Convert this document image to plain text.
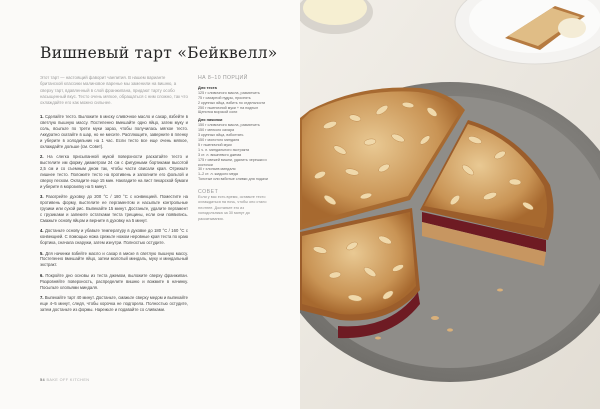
Вишневый тарт «Бейквелл»
Этот тарт — настоящий фаворит чаепития. В нашем варианте британской классики малиновое варенье мы заменили на вишню, а сверху тарт, вдавленный в слой франжипана, придают тарту особо насыщенный вкус. Тесто очень мягкое, обращаться с ним сложно, так что охлаждайте его как можно сильнее.
1. Сделайте тесто. Выложите в миску сливочное масло и сахар, взбейте в светлую пышную массу. Постепенно вмешайте одно яйцо, затем муку и соль, всыпьте по трети муки зараз, чтобы получилась мягкое тесто. Аккуратно скатайте в шар, но не месите. Расплющите, заверните в пленку и уберите в холодильник на 1 час. Если тесто все еще очень мягкое, охлаждайте дольше (см. Совет).
2. На слегка присыпанной мукой поверхности раскатайте тесто и выстелите им форму диаметром 24 см с фигурными бортиками высотой 2,5 см и со съемным дном так, чтобы части свисали края. Отрежьте лишнее тесто. Положите тесто на противень и заполните его фольгой и сверху песком. Охладите еще 15 мин. Накладите на лист пекарской бумаги и уберите в морозилку на 5 минут.
3. Разогрейте духовку до 200 °C / 180 °C с конвекцией. Поместите на противень форму, выстелите ее пергаментом и насыпьте контрольные грузики или сухой рис. Выпекайте 15 минут. Достаньте, удалите пергамент с грузиками и запеките остатками теста трещины, если они появились. Смажьте основу яйцом и верните в духовку на 5 минут.
4. Достаньте основу и убавьте температуру в духовке до 180 °C / 160 °C с конвекцией. С помощью ножа срежьте ножом неровные края теста по краю бортика, сначала снаружи, затем изнутри. Полностью остудите.
5. Для начинки взбейте масло и сахар в миске в светлую пышную массу. Постепенно вмешайте яйцо, затем молотый миндаль, муку и миндальный экстракт.
6. Покройте дно основы из теста джемом, выложите сверху франжипан. Разровняйте поверхность, распределите вишню и вожмите в начинку. Посыпьте хлопьями миндаля.
7. Выпекайте тарт 40 минут. Достаньте, смажьте сверху медом и выпекайте еще 4–5 минут, следя, чтобы корочка не подгорела. Полностью остудите, затем достаньте из формы. Нарежьте и подавайте со сливками.
НА 8–10 ПОРЦИЙ
Для теста
125 г сливочного масла, размягчить
75 г сахарной пудры, просеять
2 крупных яйца, взбить по отдельности
250 г пшеничной муки + на подпыл
Щепотка морской соли
Для начинки
150 г сливочного масла, размягчить
150 г мелкого сахара
3 крупных яйца, взболтать
150 г молотого миндаля
5 г пшеничной муки
1 ч. л. миндального экстракта
3 ст. л. вишневого джема
175 г свежей вишни, удалить черешки и косточки
30 г хлопьев миндаля
1–2 ст. л. жидкого меда
Толстые или взбитые сливки для подачи
СОВЕТ
Если у вас есть время, оставьте тесто охлаждаться на ночь, чтобы оно стало плотнее. Достаньте его из холодильника за 30 минут до раскатывания.
54 BAKE OFF KITCHEN
